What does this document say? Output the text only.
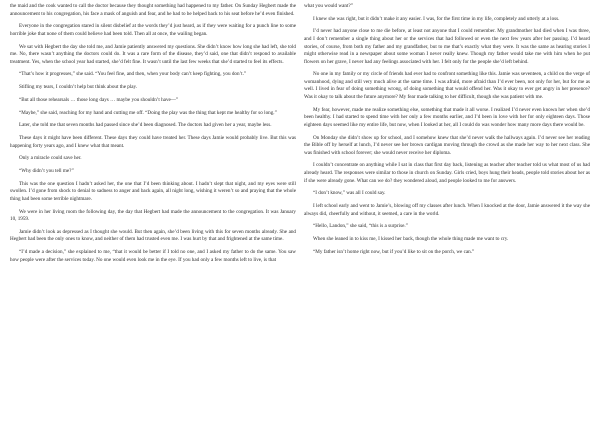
the maid and the cook wanted to call the doctor because they thought something had happened to my father. On Sunday Hegbert made the announcement to his congregation, his face a mask of anguish and fear, and he had to be helped back to his seat before he’d even finished.

Everyone in the congregation stared in silent disbelief at the words they’d just heard, as if they were waiting for a punch line to some horrible joke that none of them could believe had been told. Then all at once, the wailing began.

We sat with Hegbert the day she told me, and Jamie patiently answered my questions. She didn’t know how long she had left, she told me. No, there wasn’t anything the doctors could do. It was a rare form of the disease, they’d said, one that didn’t respond to available treatment. Yes, when the school year had started, she’d felt fine. It wasn’t until the last few weeks that she’d started to feel its effects.

“That’s how it progresses,” she said. “You feel fine, and then, when your body can’t keep fighting, you don’t.”

Stifling my tears, I couldn’t help but think about the play.

“But all those rehearsals … those long days … maybe you shouldn’t have—”

“Maybe,” she said, reaching for my hand and cutting me off. “Doing the play was the thing that kept me healthy for so long.”

Later, she told me that seven months had passed since she’d been diagnosed. The doctors had given her a year, maybe less.

These days it might have been different. These days they could have treated her. These days Jamie would probably live. But this was happening forty years ago, and I knew what that meant.

Only a miracle could save her.

“Why didn’t you tell me?”

This was the one question I hadn’t asked her, the one that I’d been thinking about. I hadn’t slept that night, and my eyes were still swollen. I’d gone from shock to denial to sadness to anger and back again, all night long, wishing it weren’t so and praying that the whole thing had been some terrible nightmare.

We were in her living room the following day, the day that Hegbert had made the announcement to the congregation. It was January 10, 1959.

Jamie didn’t look as depressed as I thought she would. But then again, she’d been living with this for seven months already. She and Hegbert had been the only ones to know, and neither of them had trusted even me. I was hurt by that and frightened at the same time.

“I’d made a decision,” she explained to me, “that it would be better if I told no one, and I asked my father to do the same. You saw how people were after the services today. No one would even look me in the eye. If you had only a few months left to live, is that

what you would want?”

I knew she was right, but it didn’t make it any easier. I was, for the first time in my life, completely and utterly at a loss.

I’d never had anyone close to me die before, at least not anyone that I could remember. My grandmother had died when I was three, and I don’t remember a single thing about her or the services that had followed or even the next few years after her passing. I’d heard stories, of course, from both my father and my grandfather, but to me that’s exactly what they were. It was the same as hearing stories I might otherwise read in a newspaper about some woman I never really knew. Though my father would take me with him when he put flowers on her grave, I never had any feelings associated with her. I felt only for the people she’d left behind.

No one in my family or my circle of friends had ever had to confront something like this. Jamie was seventeen, a child on the verge of womanhood, dying and still very much alive at the same time. I was afraid, more afraid than I’d ever been, not only for her, but for me as well. I lived in fear of doing something wrong, of doing something that would offend her. Was it okay to ever get angry in her presence? Was it okay to talk about the future anymore? My fear made talking to her difficult, though she was patient with me.

My fear, however, made me realize something else, something that made it all worse. I realized I’d never even known her when she’d been healthy. I had started to spend time with her only a few months earlier, and I’d been in love with her for only eighteen days. Those eighteen days seemed like my entire life, but now, when I looked at her, all I could do was wonder how many more days there would be.

On Monday she didn’t show up for school, and I somehow knew that she’d never walk the hallways again. I’d never see her reading the Bible off by herself at lunch, I’d never see her brown cardigan moving through the crowd as she made her way to her next class. She was finished with school forever; she would never receive her diploma.

I couldn’t concentrate on anything while I sat in class that first day back, listening as teacher after teacher told us what most of us had already heard. The responses were similar to those in church on Sunday. Girls cried, boys hung their heads, people told stories about her as if she were already gone. What can we do? they wondered aloud, and people looked to me for answers.

“I don’t know,” was all I could say.

I left school early and went to Jamie’s, blowing off my classes after lunch. When I knocked at the door, Jamie answered it the way she always did, cheerfully and without, it seemed, a care in the world.

“Hello, Landon,” she said, “this is a surprise.”

When she leaned in to kiss me, I kissed her back, though the whole thing made me want to cry.

“My father isn’t home right now, but if you’d like to sit on the porch, we can.”
